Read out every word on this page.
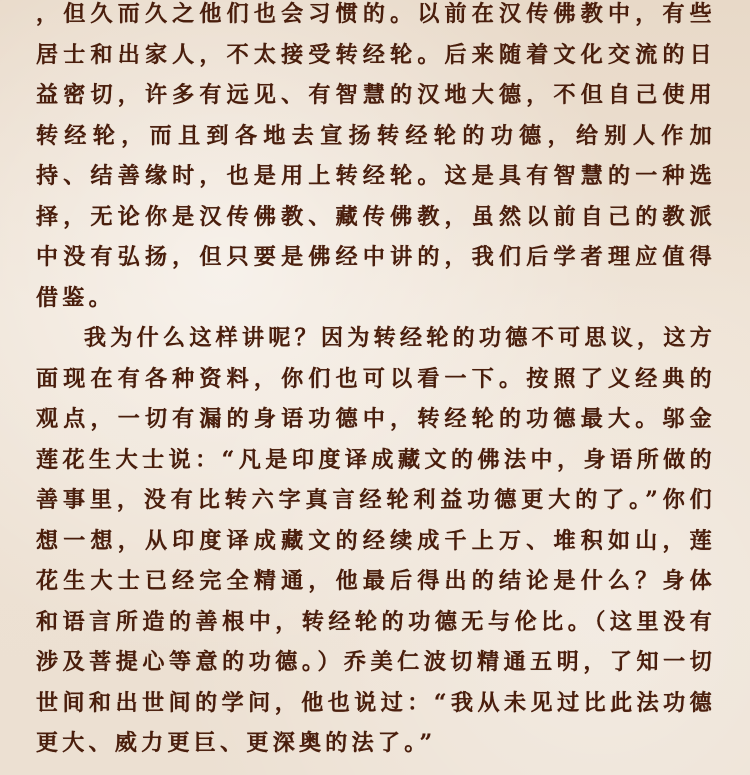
，但久而久之他们也会习惯的。以前在汉传佛教中，有些居士和出家人，不太接受转经轮。后来随着文化交流的日益密切，许多有远见、有智慧的汉地大德，不但自己使用转经轮，而且到各地去宣扬转经轮的功德，给别人作加持、结善缘时，也是用上转经轮。这是具有智慧的一种选择，无论你是汉传佛教、藏传佛教，虽然以前自己的教派中没有弘扬，但只要是佛经中讲的，我们后学者理应值得借鉴。

我为什么这样讲呢？因为转经轮的功德不可思议，这方面现在有各种资料，你们也可以看一下。按照了义经典的观点，一切有漏的身语功德中，转经轮的功德最大。邬金莲花生大士说：“凡是印度译成藏文的佛法中，身语所做的善事里，没有比转六字真言经轮利益功德更大的了。”你们想一想，从印度译成藏文的经续成千上万、堆积如山，莲花生大士已经完全精通，他最后得出的结论是什么？身体和语言所造的善根中，转经轮的功德无与伦比。（这里没有涉及菩提心等意的功德。）乔美仁波切精通五明，了知一切世间和出世间的学问，他也说过：“我从未见过比此法功德更大、威力更巨、更深奥的法了。”
